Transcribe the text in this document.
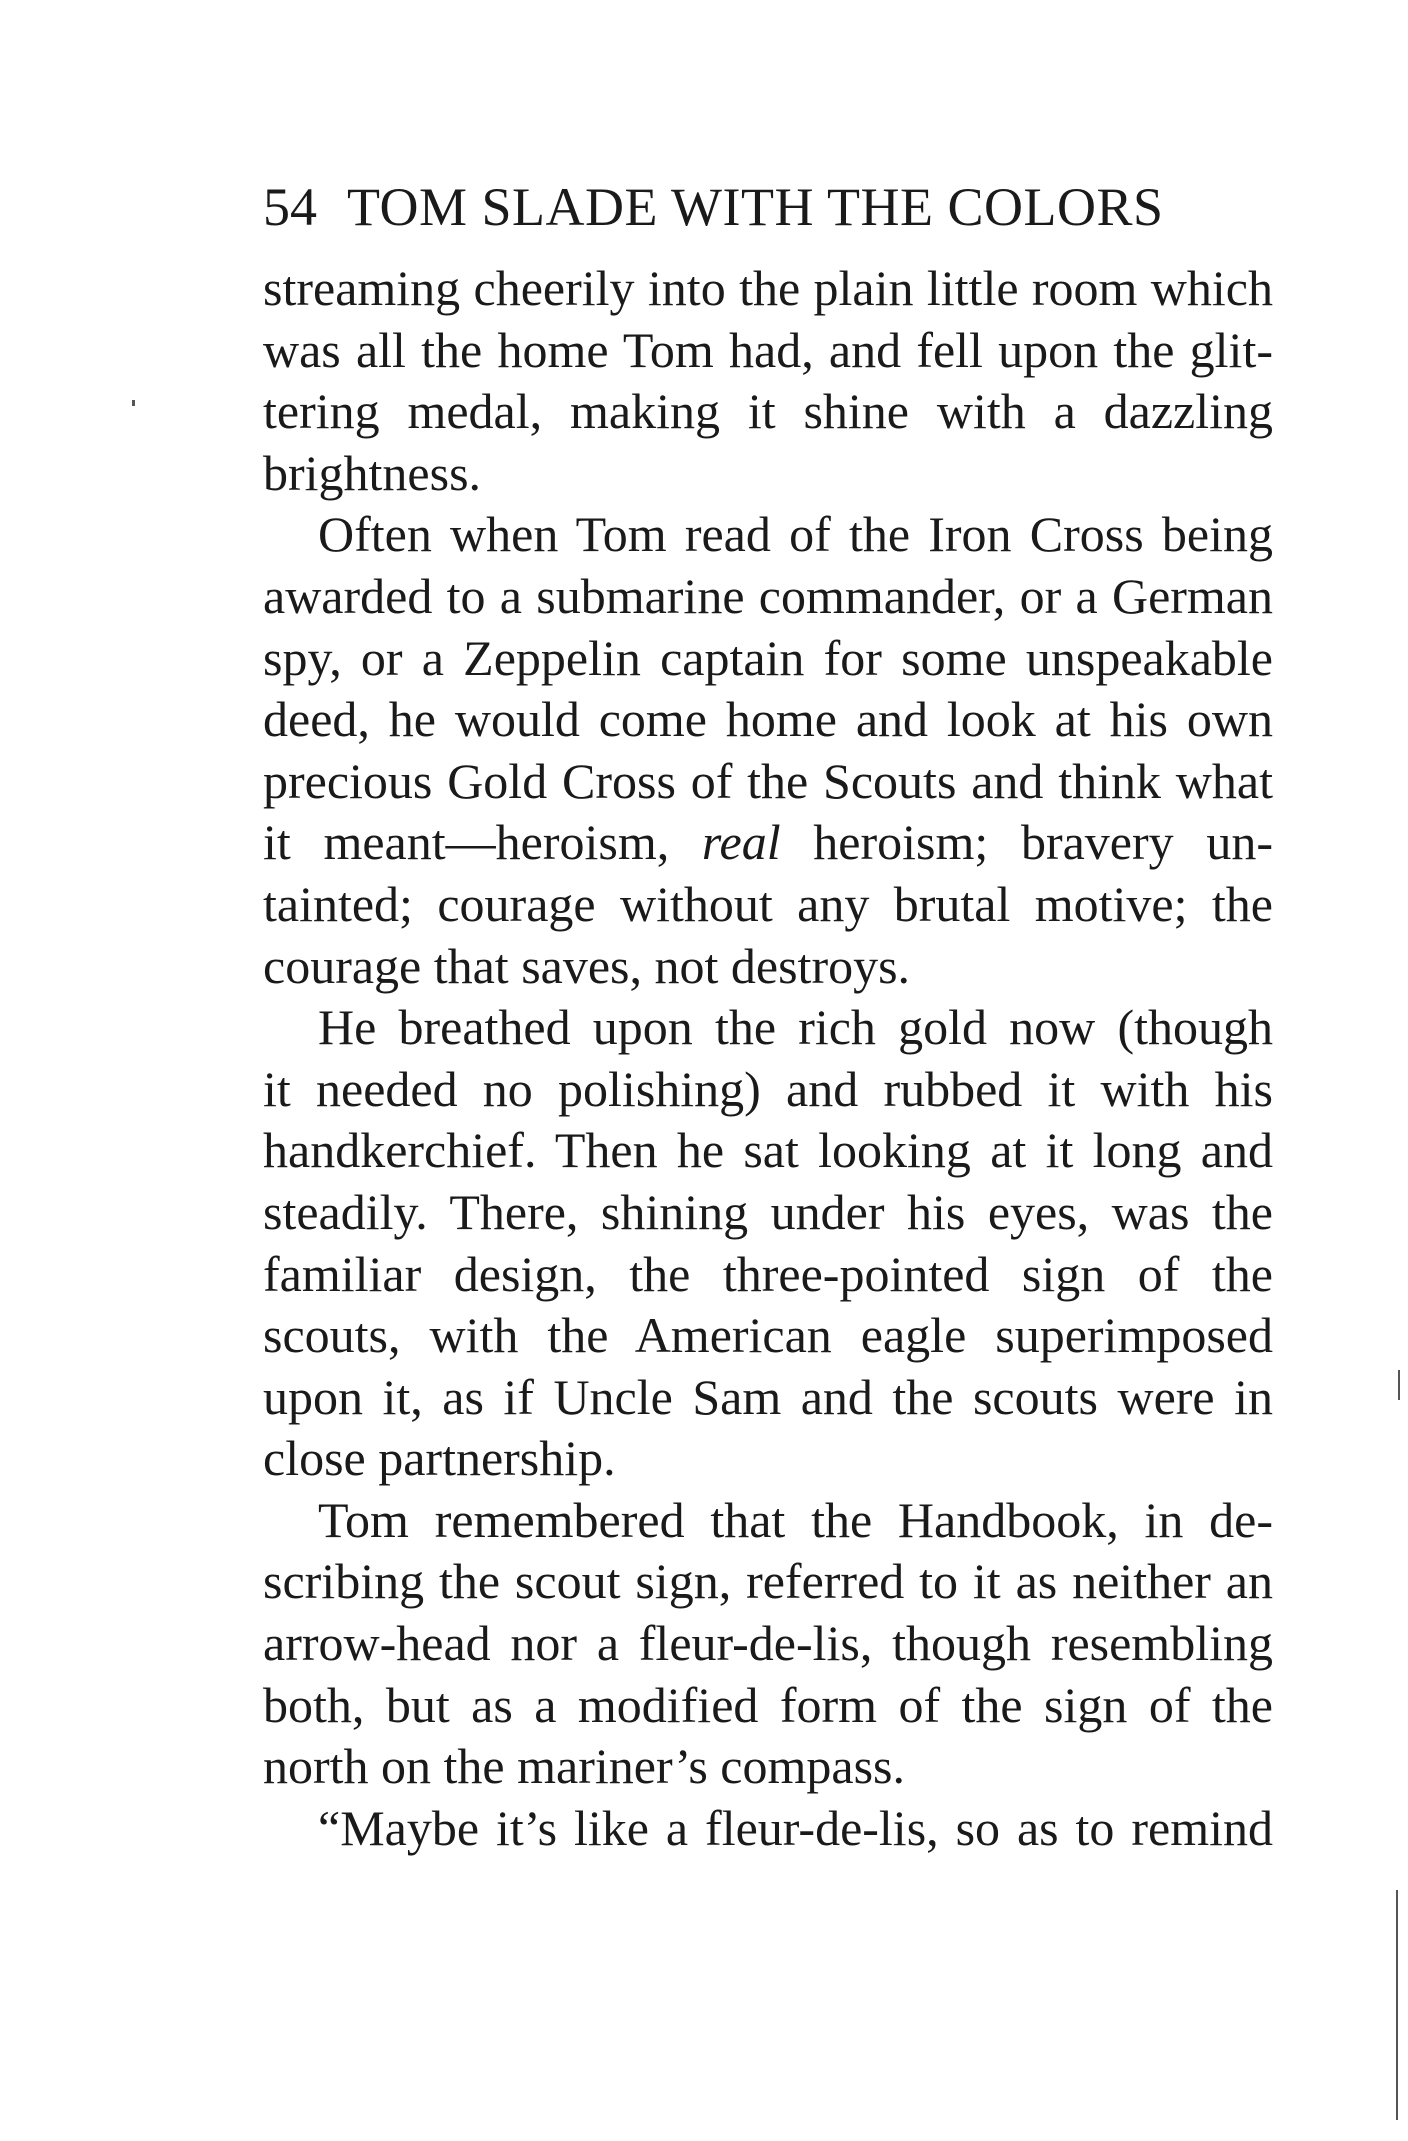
54 TOM SLADE WITH THE COLORS
streaming cheerily into the plain little room which
was all the home Tom had, and fell upon the glit-
tering medal, making it shine with a dazzling
brightness.
Often when Tom read of the Iron Cross being
awarded to a submarine commander, or a German
spy, or a Zeppelin captain for some unspeakable
deed, he would come home and look at his own
precious Gold Cross of the Scouts and think what
it meant—heroism, real heroism; bravery un-
tainted; courage without any brutal motive; the
courage that saves, not destroys.
He breathed upon the rich gold now (though
it needed no polishing) and rubbed it with his
handkerchief. Then he sat looking at it long and
steadily. There, shining under his eyes, was the
familiar design, the three-pointed sign of the
scouts, with the American eagle superimposed
upon it, as if Uncle Sam and the scouts were in
close partnership.
Tom remembered that the Handbook, in de-
scribing the scout sign, referred to it as neither an
arrow-head nor a fleur-de-lis, though resembling
both, but as a modified form of the sign of the
north on the mariner’s compass.
“Maybe it’s like a fleur-de-lis, so as to remind
